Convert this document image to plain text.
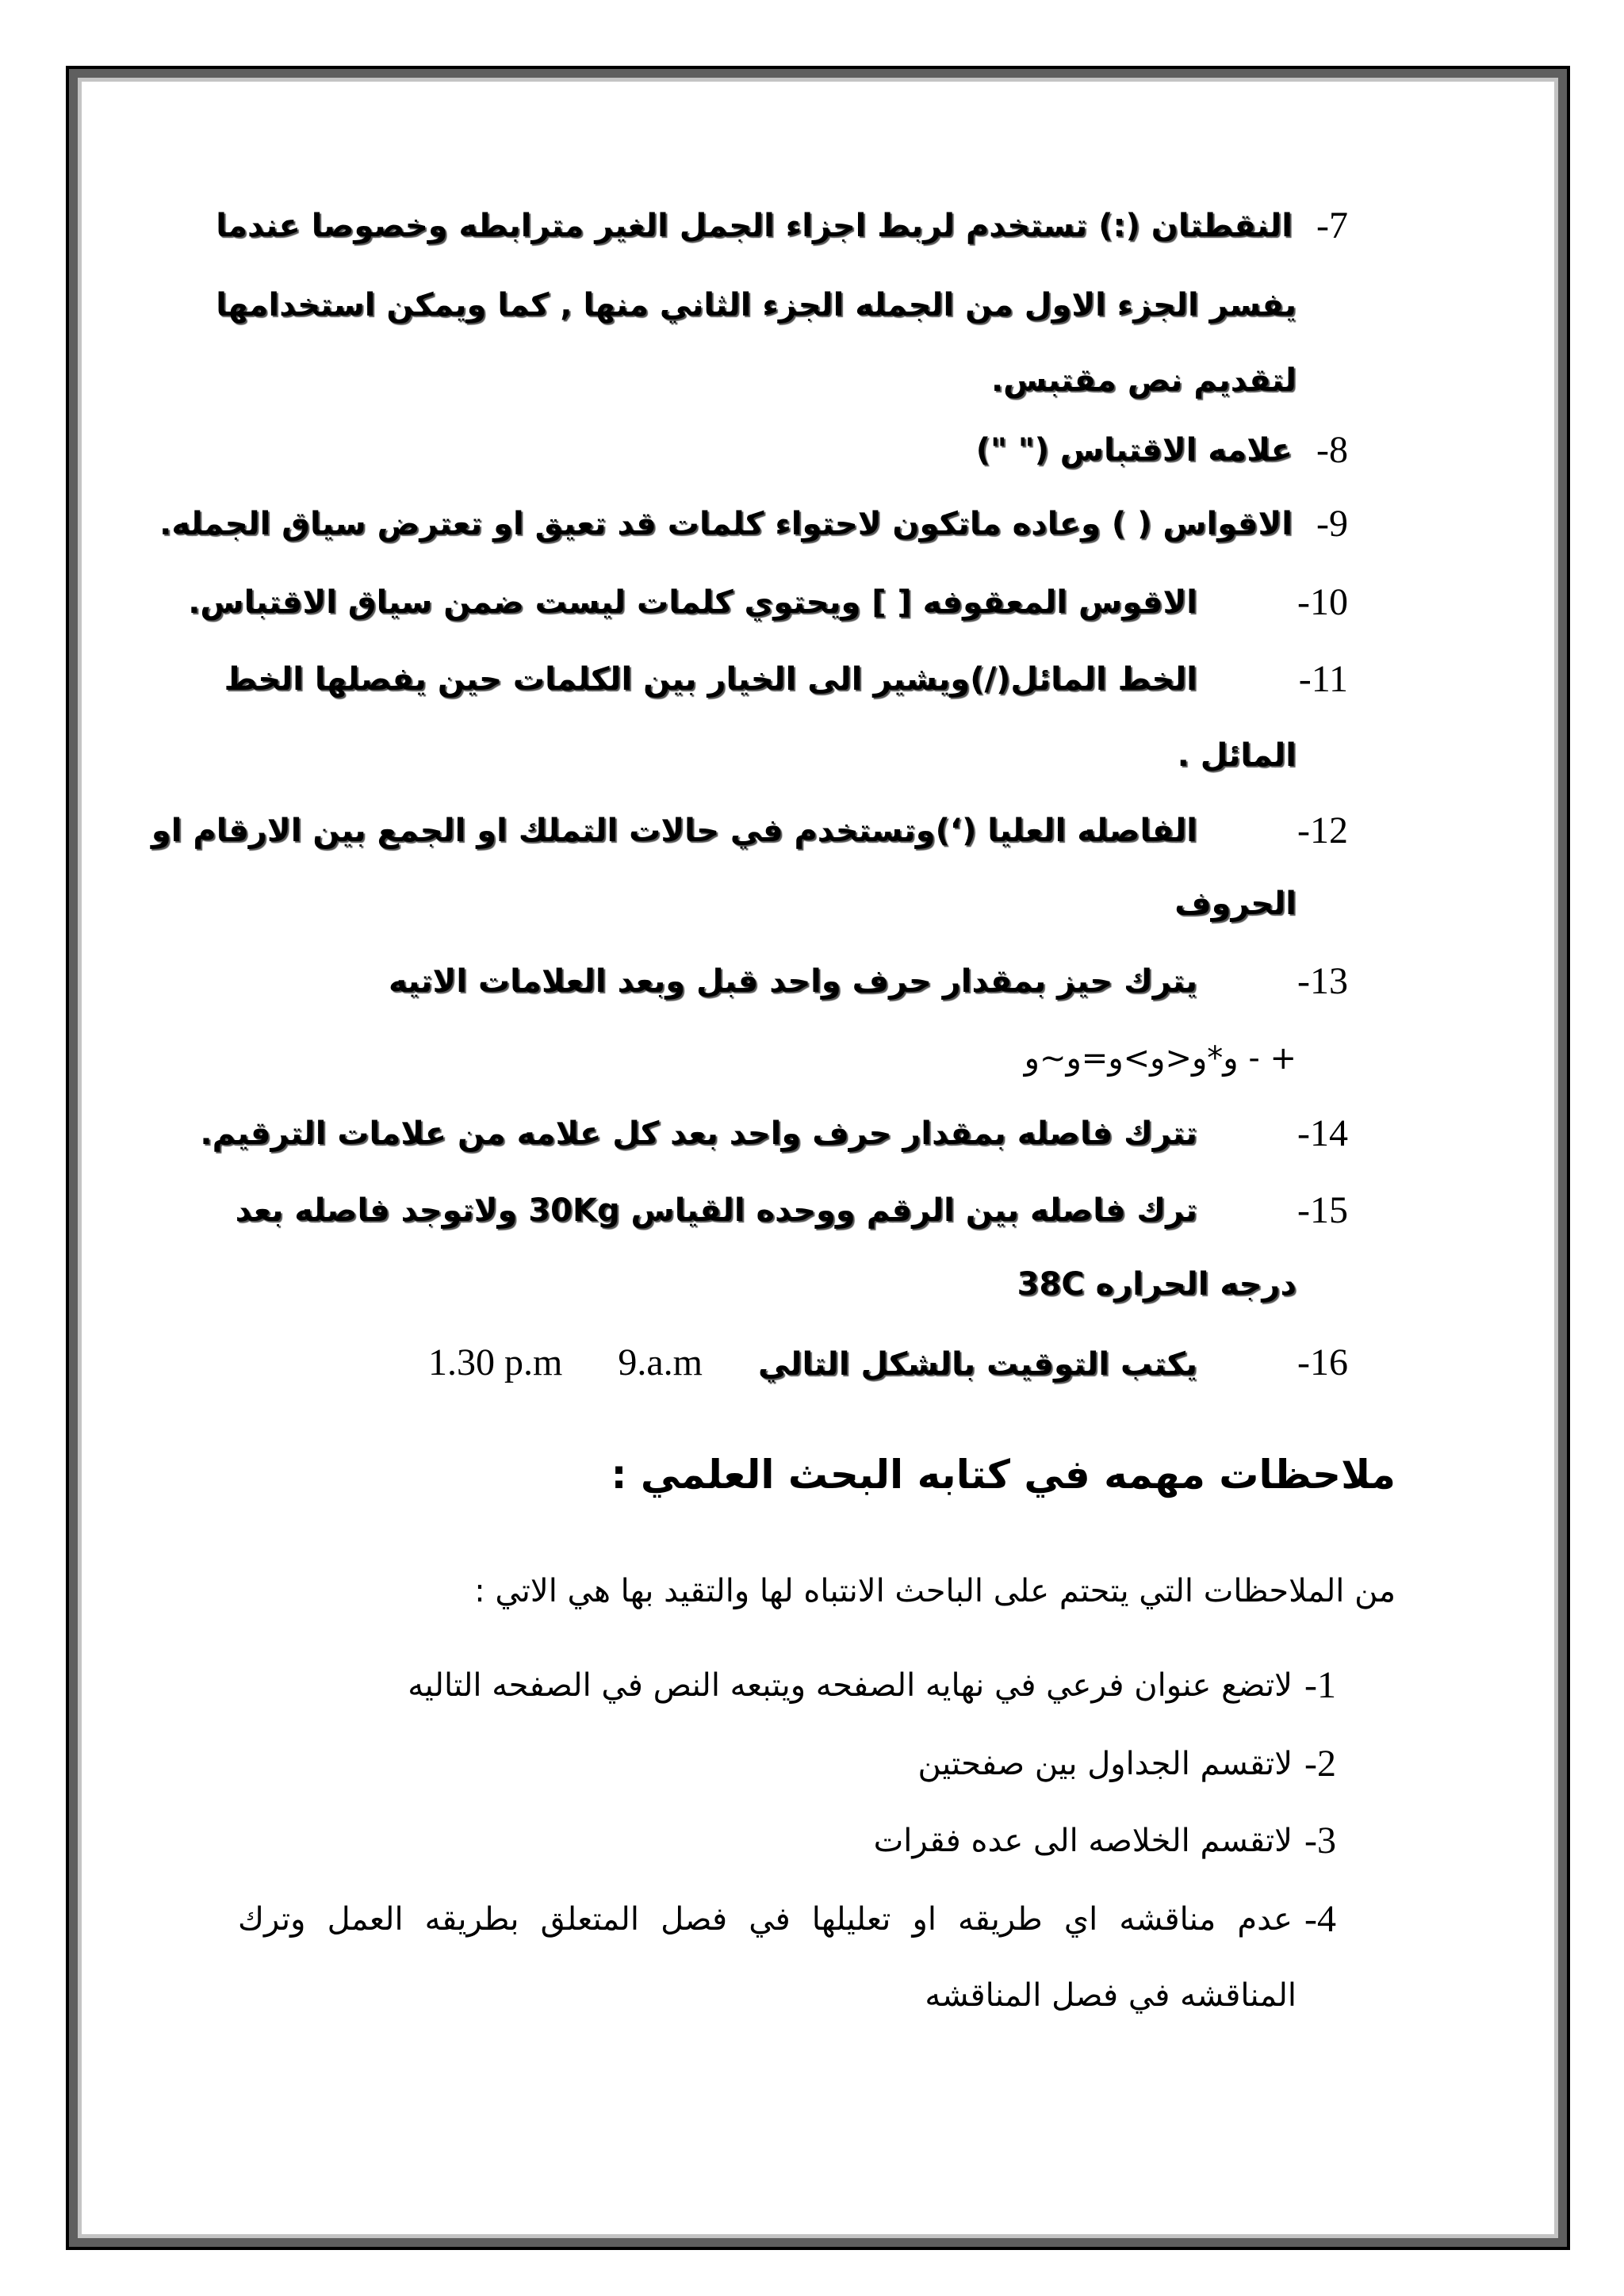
7-
النقطتان (:) تستخدم لربط اجزاء الجمل الغير مترابطه وخصوصا عندما
يفسر الجزء الاول من الجمله الجزء الثاني منها , كما ويمكن استخدامها
لتقديم نص مقتبس.
8-
علامه الاقتباس (" ")
9-
الاقواس ( ) وعاده ماتكون لاحتواء كلمات قد تعيق او تعترض سياق الجمله.
10-
الاقوس المعقوفه [ ] ويحتوي كلمات ليست ضمن سياق الاقتباس.
11-
الخط المائل(/)ويشير الى الخيار بين الكلمات حين يفصلها الخط
المائل .
12-
الفاصله العليا (‘)وتستخدم في حالات التملك او الجمع بين الارقام او
الحروف
13-
يترك حيز بمقدار حرف واحد قبل وبعد العلامات الاتيه
+ - و*و<و>و=و~و
14-
تترك فاصله بمقدار حرف واحد بعد كل علامه من علامات الترقيم.
15-
ترك فاصله بين الرقم ووحده القياس 30Kg ولاتوجد فاصله بعد
درجه الحراره 38C
16-
يكتب التوقيت بالشكل التالي
9.a.m
1.30 p.m
ملاحظات مهمه في كتابه البحث العلمي :
من الملاحظات التي يتحتم على الباحث الانتباه لها والتقيد بها هي الاتي :
1-
لاتضع عنوان فرعي في نهايه الصفحه ويتبعه النص في الصفحه التاليه
2-
لاتقسم الجداول بين صفحتين
3-
لاتقسم الخلاصه الى عده فقرات
4-
عدم مناقشه اي طريقه او تعليلها في فصل المتعلق بطريقه العمل وترك
المناقشه في فصل المناقشه
